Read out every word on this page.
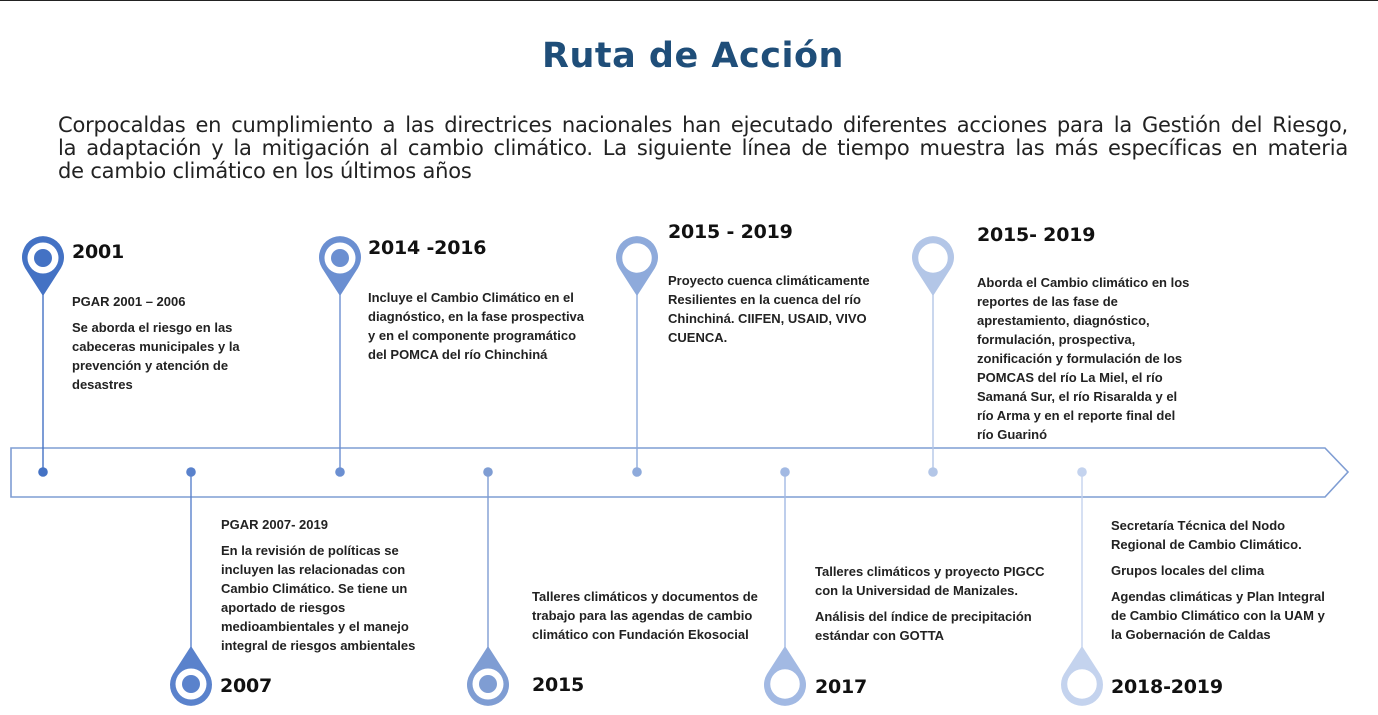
Ruta de Acción
Corpocaldas en cumplimiento a las directrices nacionales han ejecutado diferentes acciones para la Gestión del Riesgo,
la adaptación y la mitigación al cambio climático. La siguiente línea de tiempo muestra las más específicas en materia
de cambio climático en los últimos años
2001
2007
2014 -2016
2015
2015 - 2019
2017
2015- 2019
2018-2019

PGAR 2001 – 2006

Se aborda el riesgo en las
cabeceras municipales y la
prevención y atención de
desastres

PGAR 2007- 2019

En la revisión de políticas se
incluyen las relacionadas con
Cambio Climático. Se tiene un
aportado de riesgos
medioambientales y el manejo
integral de riesgos ambientales

Incluye el Cambio Climático en el
diagnóstico, en la fase prospectiva
y en el componente programático
del POMCA del río Chinchiná

Talleres climáticos y documentos de
trabajo para las agendas de cambio
climático con Fundación Ekosocial

Proyecto cuenca climáticamente
Resilientes en la cuenca del río
Chinchiná. CIIFEN, USAID, VIVO
CUENCA.

Talleres climáticos y proyecto PIGCC
con la Universidad de Manizales.

Análisis del índice de precipitación
estándar con GOTTA

Aborda el Cambio climático en los
reportes de las fase de
aprestamiento, diagnóstico,
formulación, prospectiva,
zonificación y formulación de los
POMCAS del río La Miel, el río
Samaná Sur, el río Risaralda y el
río Arma y en el reporte final del
río Guarinó

Secretaría Técnica del Nodo
Regional de Cambio Climático.

Grupos locales del clima

Agendas climáticas y Plan Integral
de Cambio Climático con la UAM y
la Gobernación de Caldas
